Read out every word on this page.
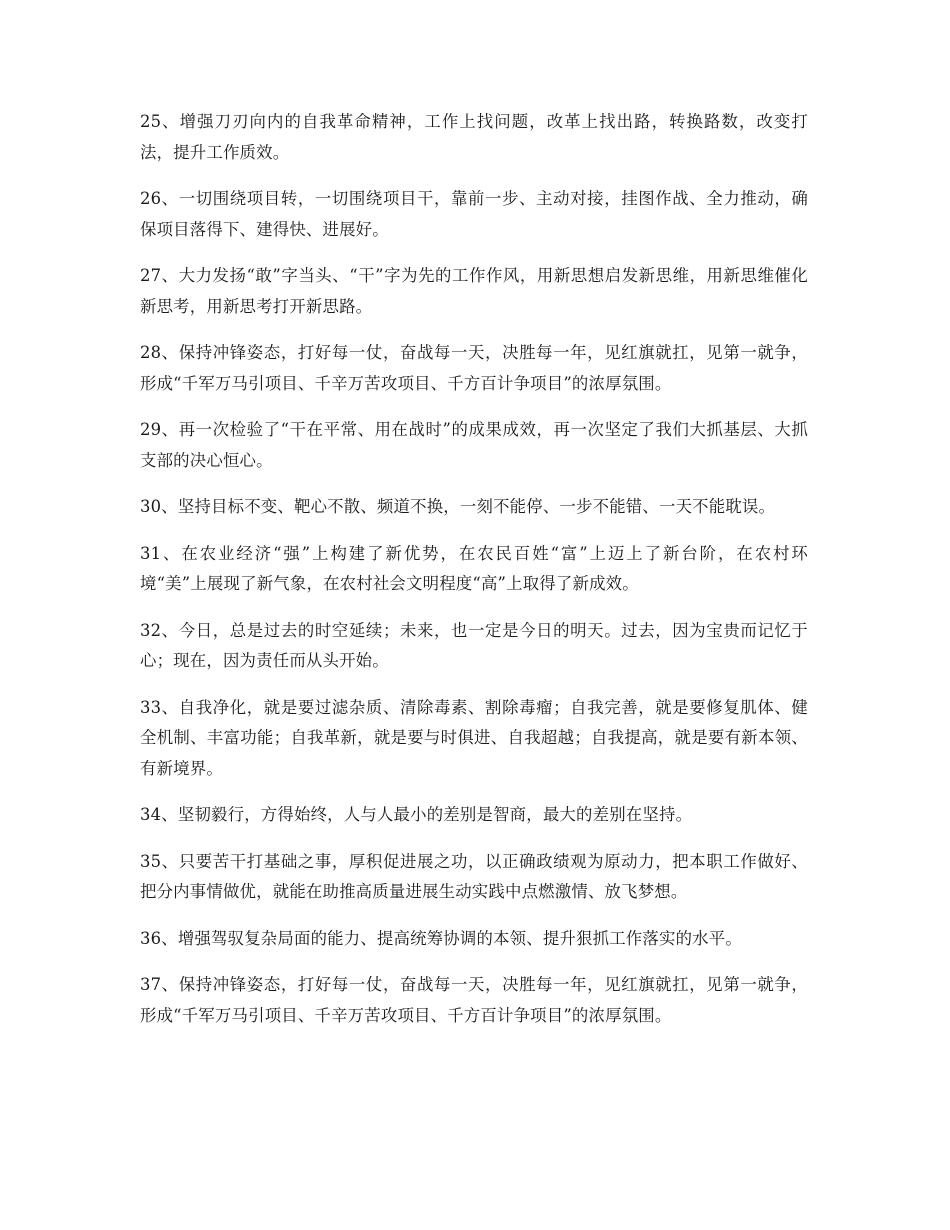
25、增强刀刃向内的自我革命精神，工作上找问题，改革上找出路，转换路数，改变打法，提升工作质效。

26、一切围绕项目转，一切围绕项目干，靠前一步、主动对接，挂图作战、全力推动，确保项目落得下、建得快、进展好。

27、大力发扬“敢”字当头、“干”字为先的工作作风，用新思想启发新思维，用新思维催化新思考，用新思考打开新思路。

28、保持冲锋姿态，打好每一仗，奋战每一天，决胜每一年，见红旗就扛，见第一就争，形成“千军万马引项目、千辛万苦攻项目、千方百计争项目”的浓厚氛围。

29、再一次检验了“干在平常、用在战时”的成果成效，再一次坚定了我们大抓基层、大抓支部的决心恒心。

30、坚持目标不变、靶心不散、频道不换，一刻不能停、一步不能错、一天不能耽误。

31、在农业经济“强”上构建了新优势，在农民百姓“富”上迈上了新台阶，在农村环境“美”上展现了新气象，在农村社会文明程度“高”上取得了新成效。

32、今日，总是过去的时空延续；未来，也一定是今日的明天。过去，因为宝贵而记忆于心；现在，因为责任而从头开始。

33、自我净化，就是要过滤杂质、清除毒素、割除毒瘤；自我完善，就是要修复肌体、健全机制、丰富功能；自我革新，就是要与时俱进、自我超越；自我提高，就是要有新本领、有新境界。

34、坚韧毅行，方得始终，人与人最小的差别是智商，最大的差别在坚持。

35、只要苦干打基础之事，厚积促进展之功，以正确政绩观为原动力，把本职工作做好、把分内事情做优，就能在助推高质量进展生动实践中点燃激情、放飞梦想。

36、增强驾驭复杂局面的能力、提高统筹协调的本领、提升狠抓工作落实的水平。

37、保持冲锋姿态，打好每一仗，奋战每一天，决胜每一年，见红旗就扛，见第一就争，形成“千军万马引项目、千辛万苦攻项目、千方百计争项目”的浓厚氛围。
